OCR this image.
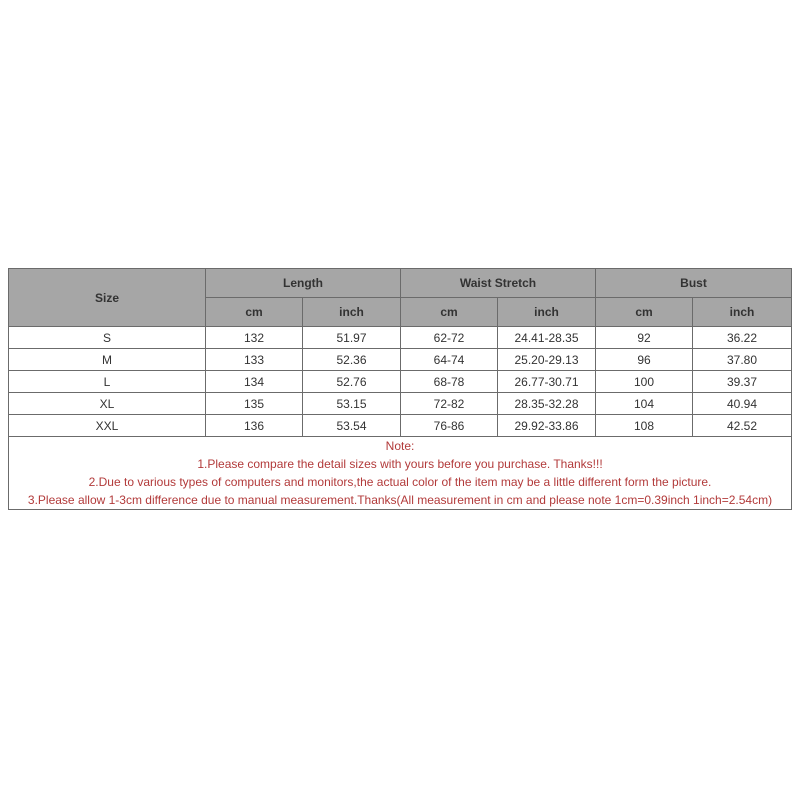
Size	Length		Waist Stretch		Bust	
	cm	inch	cm	inch	cm	inch
S	132	51.97	62-72	24.41-28.35	92	36.22
M	133	52.36	64-74	25.20-29.13	96	37.80
L	134	52.76	68-78	26.77-30.71	100	39.37
XL	135	53.15	72-82	28.35-32.28	104	40.94
XXL	136	53.54	76-86	29.92-33.86	108	42.52

Note:
1.Please compare the detail sizes with yours before you purchase. Thanks!!!
2.Due to various types of computers and monitors,the actual color of the item may be a little different form the picture.
3.Please allow 1-3cm difference due to manual measurement.Thanks(All measurement in cm and please note 1cm=0.39inch 1inch=2.54cm)						
